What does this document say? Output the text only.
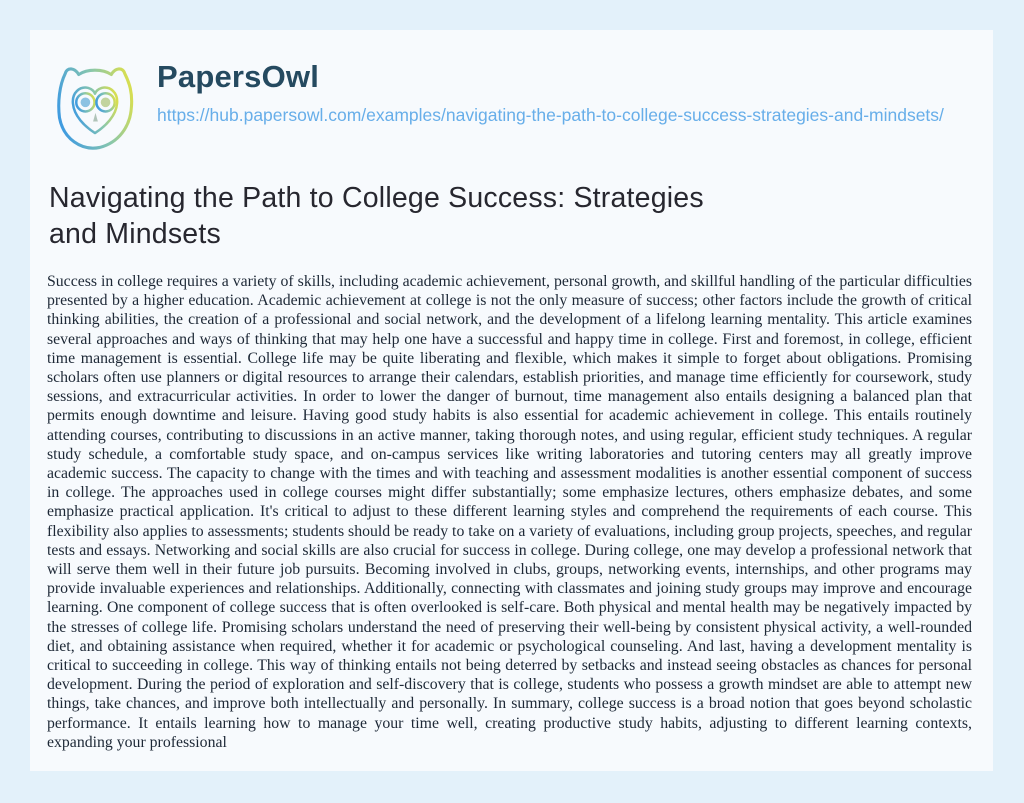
PapersOwl
https://hub.papersowl.com/examples/navigating-the-path-to-college-success-strategies-and-mindsets/
Navigating the Path to College Success: Strategies and Mindsets

Success in college requires a variety of skills, including academic achievement, personal growth, and skillful handling of the particular difficulties presented by a higher education. Academic achievement at college is not the only measure of success; other factors include the growth of critical thinking abilities, the creation of a professional and social network, and the development of a lifelong learning mentality. This article examines several approaches and ways of thinking that may help one have a successful and happy time in college. First and foremost, in college, efficient time management is essential. College life may be quite liberating and flexible, which makes it simple to forget about obligations. Promising scholars often use planners or digital resources to arrange their calendars, establish priorities, and manage time efficiently for coursework, study sessions, and extracurricular activities. In order to lower the danger of burnout, time management also entails designing a balanced plan that permits enough downtime and leisure. Having good study habits is also essential for academic achievement in college. This entails routinely attending courses, contributing to discussions in an active manner, taking thorough notes, and using regular, efficient study techniques. A regular study schedule, a comfortable study space, and on-campus services like writing laboratories and tutoring centers may all greatly improve academic success. The capacity to change with the times and with teaching and assessment modalities is another essential component of success in college. The approaches used in college courses might differ substantially; some emphasize lectures, others emphasize debates, and some emphasize practical application. It's critical to adjust to these different learning styles and comprehend the requirements of each course. This flexibility also applies to assessments; students should be ready to take on a variety of evaluations, including group projects, speeches, and regular tests and essays. Networking and social skills are also crucial for success in college. During college, one may develop a professional network that will serve them well in their future job pursuits. Becoming involved in clubs, groups, networking events, internships, and other programs may provide invaluable experiences and relationships. Additionally, connecting with classmates and joining study groups may improve and encourage learning. One component of college success that is often overlooked is self-care. Both physical and mental health may be negatively impacted by the stresses of college life. Promising scholars understand the need of preserving their well-being by consistent physical activity, a well-rounded diet, and obtaining assistance when required, whether it for academic or psychological counseling. And last, having a development mentality is critical to succeeding in college. This way of thinking entails not being deterred by setbacks and instead seeing obstacles as chances for personal development. During the period of exploration and self-discovery that is college, students who possess a growth mindset are able to attempt new things, take chances, and improve both intellectually and personally. In summary, college success is a broad notion that goes beyond scholastic performance. It entails learning how to manage your time well, creating productive study habits, adjusting to different learning contexts, expanding your professional
